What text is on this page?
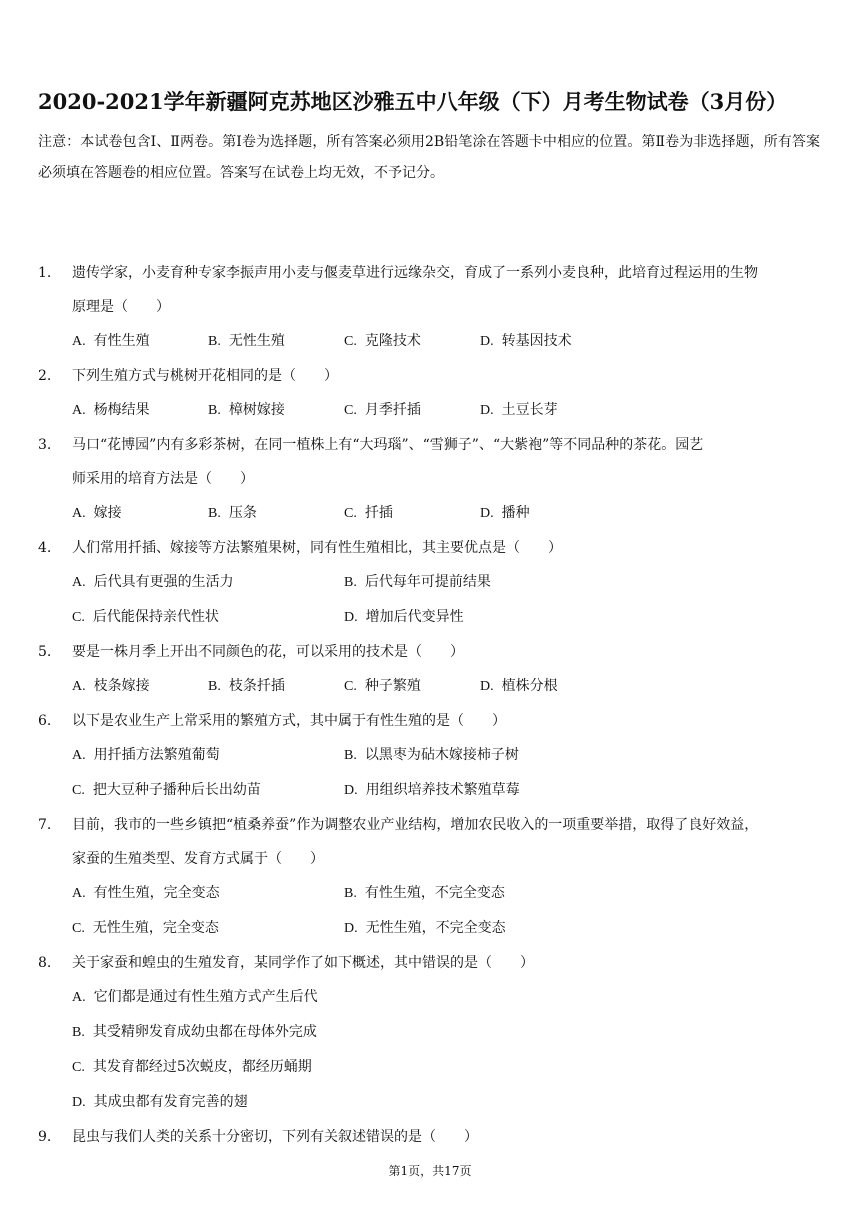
2020-2021学年新疆阿克苏地区沙雅五中八年级（下）月考生物试卷（3月份）
注意：本试卷包含Ⅰ、Ⅱ两卷。第Ⅰ卷为选择题，所有答案必须用2B铅笔涂在答题卡中相应的位置。第Ⅱ卷为非选择题，所有答案必须填在答题卷的相应位置。答案写在试卷上均无效，不予记分。
1.	遗传学家，小麦育种专家李振声用小麦与偃麦草进行远缘杂交，育成了一系列小麦良种，此培育过程运用的生物
原理是（　　）
A. 有性生殖	B. 无性生殖	C. 克隆技术	D. 转基因技术
2.	下列生殖方式与桃树开花相同的是（　　）
A. 杨梅结果	B. 樟树嫁接	C. 月季扦插	D. 土豆长芽
3.	马口“花博园”内有多彩茶树，在同一植株上有“大玛瑙”、“雪狮子”、“大紫袍”等不同品种的茶花。园艺
师采用的培育方法是（　　）
A. 嫁接	B. 压条	C. 扦插	D. 播种
4.	人们常用扦插、嫁接等方法繁殖果树，同有性生殖相比，其主要优点是（　　）
A. 后代具有更强的生活力	B. 后代每年可提前结果
C. 后代能保持亲代性状	D. 增加后代变异性
5.	要是一株月季上开出不同颜色的花，可以采用的技术是（　　）
A. 枝条嫁接	B. 枝条扦插	C. 种子繁殖	D. 植株分根
6.	以下是农业生产上常采用的繁殖方式，其中属于有性生殖的是（　　）
A. 用扦插方法繁殖葡萄	B. 以黑枣为砧木嫁接柿子树
C. 把大豆种子播种后长出幼苗	D. 用组织培养技术繁殖草莓
7.	目前，我市的一些乡镇把“植桑养蚕”作为调整农业产业结构，增加农民收入的一项重要举措，取得了良好效益，
家蚕的生殖类型、发育方式属于（　　）
A. 有性生殖，完全变态	B. 有性生殖，不完全变态
C. 无性生殖，完全变态	D. 无性生殖，不完全变态
8.	关于家蚕和蝗虫的生殖发育，某同学作了如下概述，其中错误的是（　　）
A. 它们都是通过有性生殖方式产生后代
B. 其受精卵发育成幼虫都在母体外完成
C. 其发育都经过5次蜕皮，都经历蛹期
D. 其成虫都有发育完善的翅
9.	昆虫与我们人类的关系十分密切，下列有关叙述错误的是（　　）
第1页，共17页
